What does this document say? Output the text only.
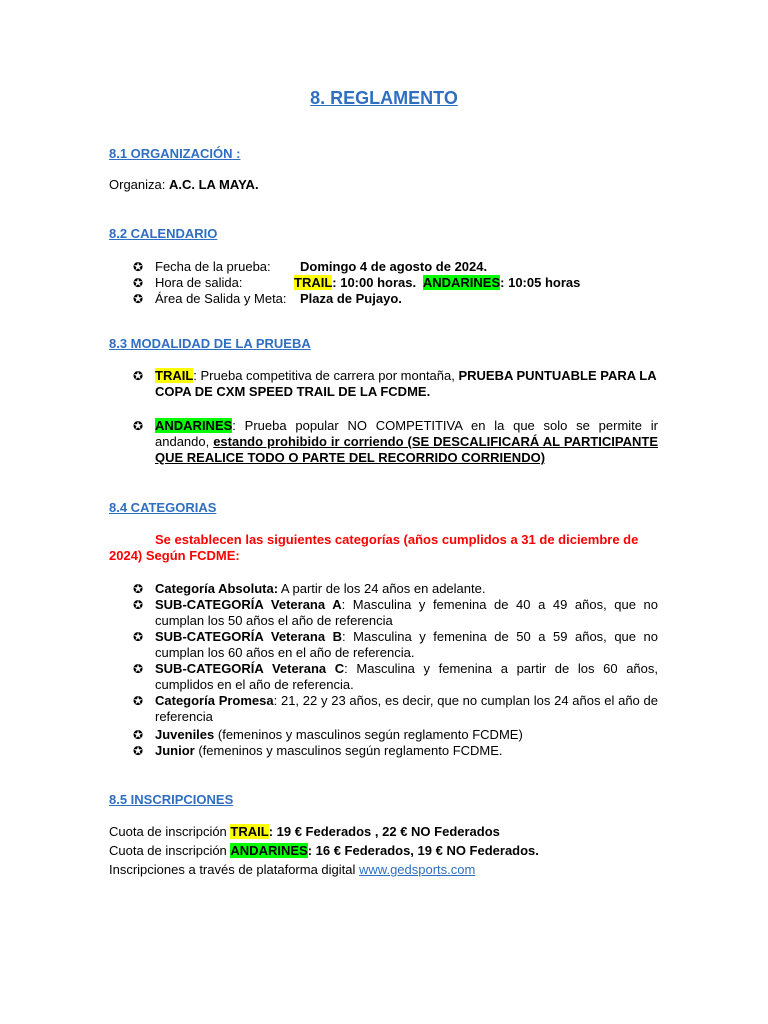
8. REGLAMENTO
8.1 ORGANIZACIÓN :
Organiza: A.C. LA MAYA.
8.2 CALENDARIO
✪ Fecha de la prueba: Domingo 4 de agosto de 2024.
✪ Hora de salida:	TRAIL: 10:00 horas. ANDARINES: 10:05 horas
✪ Área de Salida y Meta: Plaza de Pujayo.
8.3 MODALIDAD DE LA PRUEBA
✪ TRAIL: Prueba competitiva de carrera por montaña, PRUEBA PUNTUABLE PARA LA COPA DE CXM SPEED TRAIL DE LA FCDME.
✪ ANDARINES: Prueba popular NO COMPETITIVA en la que solo se permite ir andando, estando prohibido ir corriendo (SE DESCALIFICARÁ AL PARTICIPANTE QUE REALICE TODO O PARTE DEL RECORRIDO CORRIENDO)
8.4 CATEGORIAS
Se establecen las siguientes categorías (años cumplidos a 31 de diciembre de
2024) Según FCDME:
✪ Categoría Absoluta: A partir de los 24 años en adelante.
✪ SUB-CATEGORÍA Veterana A: Masculina y femenina de 40 a 49 años, que no cumplan los 50 años el año de referencia
✪ SUB-CATEGORÍA Veterana B: Masculina y femenina de 50 a 59 años, que no cumplan los 60 años en el año de referencia.
✪ SUB-CATEGORÍA Veterana C: Masculina y femenina a partir de los 60 años, cumplidos en el año de referencia.
✪ Categoría Promesa: 21, 22 y 23 años, es decir, que no cumplan los 24 años el año de referencia
✪ Juveniles (femeninos y masculinos según reglamento FCDME)
✪ Junior (femeninos y masculinos según reglamento FCDME.
8.5 INSCRIPCIONES
Cuota de inscripción TRAIL: 19 € Federados , 22 € NO Federados
Cuota de inscripción ANDARINES: 16 € Federados, 19 € NO Federados.
Inscripciones a través de plataforma digital www.gedsports.com
